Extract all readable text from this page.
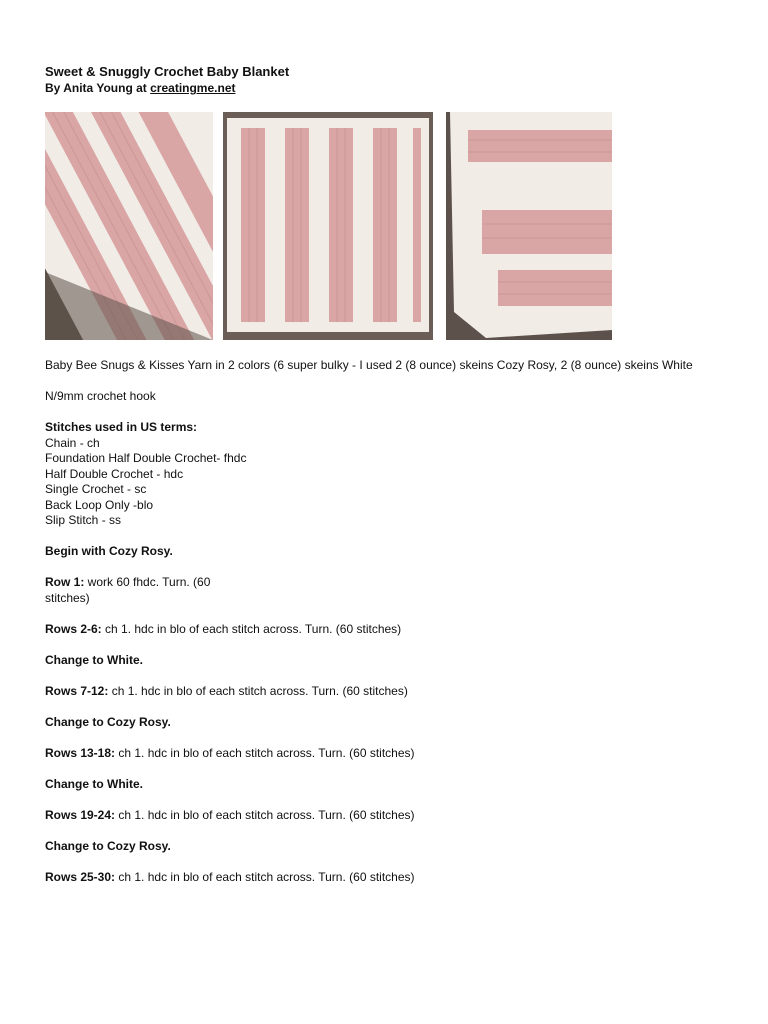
Sweet & Snuggly Crochet Baby Blanket

By Anita Young at creatingme.net

Baby Bee Snugs & Kisses Yarn in 2 colors (6 super bulky - I used 2 (8 ounce) skeins Cozy Rosy, 2 (8 ounce) skeins White

N/9mm crochet hook

Stitches used in US terms:

Chain - ch

Foundation Half Double Crochet- fhdc

Half Double Crochet - hdc

Single Crochet - sc

Back Loop Only -blo

Slip Stitch - ss

Begin with Cozy Rosy.

Row 1: work 60 fhdc. Turn. (60 stitches)

Rows 2-6: ch 1. hdc in blo of each stitch across. Turn. (60 stitches)

Change to White.

Rows 7-12: ch 1. hdc in blo of each stitch across. Turn. (60 stitches)

Change to Cozy Rosy.

Rows 13-18: ch 1. hdc in blo of each stitch across. Turn. (60 stitches)

Change to White.

Rows 19-24: ch 1. hdc in blo of each stitch across. Turn. (60 stitches)

Change to Cozy Rosy.

Rows 25-30: ch 1. hdc in blo of each stitch across. Turn. (60 stitches)
